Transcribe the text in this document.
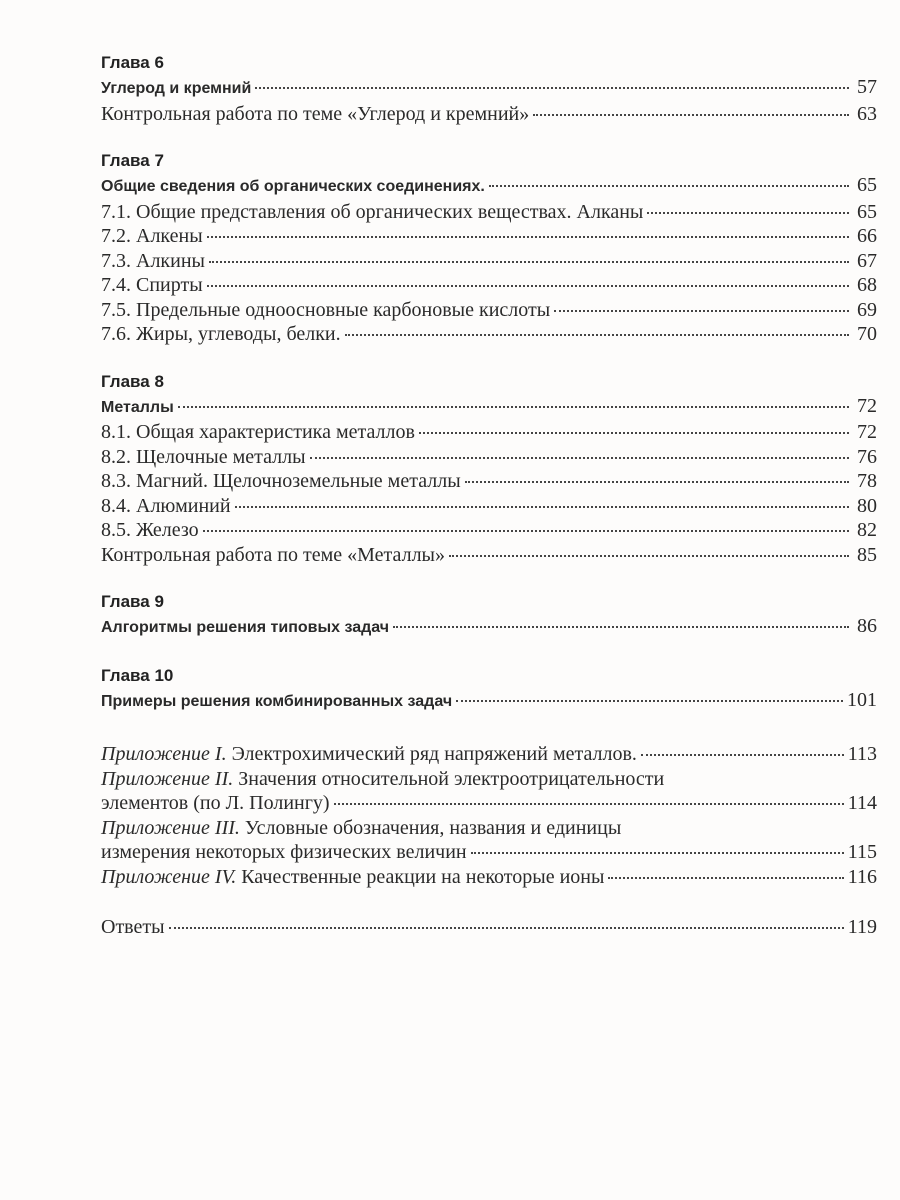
Глава 6
Углерод и кремний	57
Контрольная работа по теме «Углерод и кремний»	63
Глава 7
Общие сведения об органических соединениях.	65
7.1. Общие представления об органических веществах. Алканы	65
7.2. Алкены	66
7.3. Алкины	67
7.4. Спирты	68
7.5. Предельные одноосновные карбоновые кислоты	69
7.6. Жиры, углеводы, белки.	70
Глава 8
Металлы	72
8.1. Общая характеристика металлов	72
8.2. Щелочные металлы	76
8.3. Магний. Щелочноземельные металлы	78
8.4. Алюминий	80
8.5. Железо	82
Контрольная работа по теме «Металлы»	85
Глава 9
Алгоритмы решения типовых задач	86
Глава 10
Примеры решения комбинированных задач	101
Приложение I. Электрохимический ряд напряжений металлов.	113
Приложение II. Значения относительной электроотрицательности
элементов (по Л. Полингу)	114
Приложение III. Условные обозначения, названия и единицы
измерения некоторых физических величин	115
Приложение IV. Качественные реакции на некоторые ионы	116
Ответы	119
